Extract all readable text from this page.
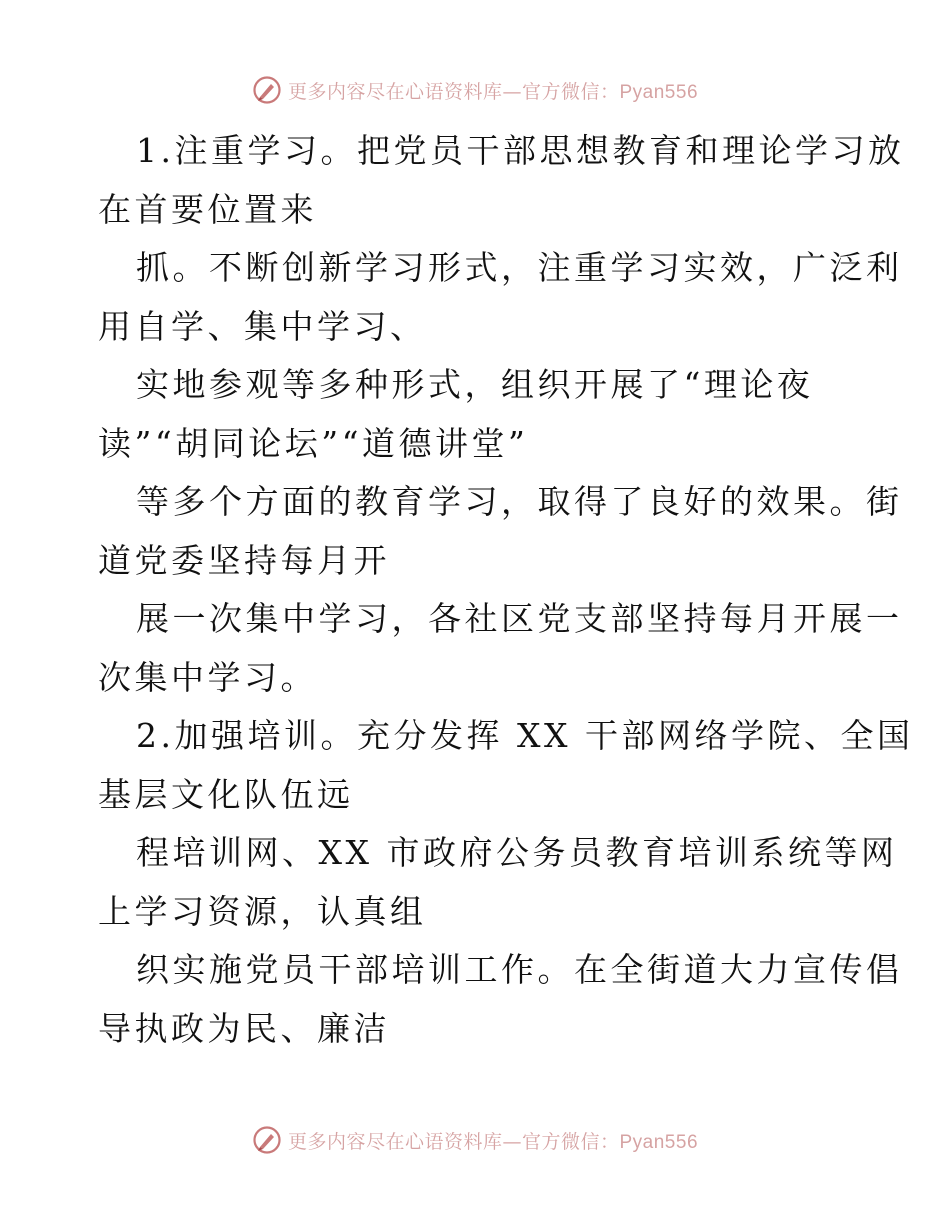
更多内容尽在心语资料库—官方微信：Pyan556
1.注重学习。把党员干部思想教育和理论学习放
在首要位置来
抓。不断创新学习形式，注重学习实效，广泛利
用自学、集中学习、
实地参观等多种形式，组织开展了“理论夜
读”“胡同论坛”“道德讲堂”
等多个方面的教育学习，取得了良好的效果。街
道党委坚持每月开
展一次集中学习，各社区党支部坚持每月开展一
次集中学习。
2.加强培训。充分发挥 XX 干部网络学院、全国
基层文化队伍远
程培训网、XX 市政府公务员教育培训系统等网
上学习资源，认真组
织实施党员干部培训工作。在全街道大力宣传倡
导执政为民、廉洁
更多内容尽在心语资料库—官方微信：Pyan556
